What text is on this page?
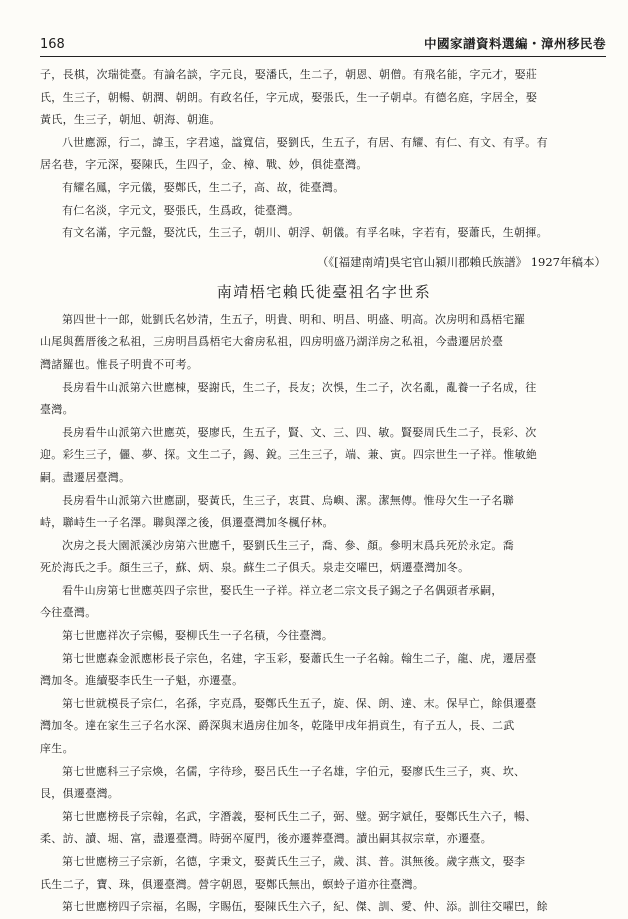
168	中國家譜資料選編・漳州移民卷

子，長棋，次瑞徙臺。有論名談，字元良，娶潘氏，生二子，朝恩、朝僧。有飛名能，字元才，娶莊

氏，生三子，朝暢、朝潤、朝朗。有政名任，字元成，娶張氏，生一子朝卓。有德名庭，字居全，娶

黃氏，生三子，朝旭、朝海、朝進。

八世應源，行二，諱玉，字君遠，諡寬信，娶劉氏，生五子，有居、有耀、有仁、有文、有孚。有

居名巷，字元深，娶陳氏，生四子，金、樟、戰、妙，俱徙臺灣。

有耀名鳳，字元儀，娶鄭氏，生二子，高、故，徙臺灣。

有仁名淡，字元文，娶張氏，生爲政，徙臺灣。

有文名滿，字元盤，娶沈氏，生三子，朝川、朝浮、朝儀。有孚名味，字若有，娶蕭氏，生朝揮。

（《[福建南靖]吳宅官山潁川郡賴氏族譜》 1927年稿本）
南靖梧宅賴氏徙臺祖名字世系

第四世十一郎，妣劉氏名妙清，生五子，明貴、明和、明昌、明盛、明高。次房明和爲梧宅羅

山尾與舊厝後之私祖，三房明昌爲梧宅大畲房私祖，四房明盛乃湖洋房之私祖，今盡遷居於臺

灣諸羅也。惟長子明貴不可考。

長房看牛山派第六世應棟，娶謝氏，生二子，長友；次悞，生二子，次名亂，亂養一子名成，往

臺灣。

長房看牛山派第六世應英，娶廖氏，生五子，賢、文、三、四、敏。賢娶周氏生二子，長彩、次

迎。彩生三子，儷、夢、探。文生二子，錫、銳。三生三子，端、兼、寅。四宗世生一子祥。惟敏絶

嗣。盡遷居臺灣。

長房看牛山派第六世應副，娶黃氏，生三子，衷貫、烏嶼、潔。潔無傳。惟母欠生一子名聯

峙，聯峙生一子名澤。聯與澤之後，俱遷臺灣加冬楓仔林。

次房之長大園派溪沙房第六世應千，娶劉氏生三子，喬、參、顏。參明末爲兵死於永定。喬

死於海氏之手。顏生三子，蘇、炳、泉。蘇生二子俱夭。泉走交嚁巴，炳遷臺灣加冬。

看牛山房第七世應英四子宗世，娶氏生一子祥。祥立老二宗文長子錫之子名偶頭者承嗣，

今往臺灣。

第七世應祥次子宗暢，娶柳氏生一子名積，今往臺灣。

第七世應森金派應彬長子宗色，名建，字玉彩，娶蕭氏生一子名翰。翰生二子，龍、虎，遷居臺

灣加冬。進續娶李氏生一子魁，亦遷臺。

第七世就模長子宗仁，名孫，字克爲，娶鄭氏生五子，旋、保、朗、達、末。保早亡，餘俱遷臺

灣加冬。達在家生三子名水深、爵深與末過房住加冬，乾隆甲戌年捐貢生，有子五人，長、二武

庠生。

第七世應科三子宗煥，名儒，字待珍，娶呂氏生一子名雄，字伯元，娶廖氏生三子，爽、坎、

艮，俱遷臺灣。

第七世應榜長子宗翰，名武，字潛義，娶柯氏生二子，弼、璧。弼字斌任，娶鄭氏生六子，暢、

柔、訪、讀、堀、富，盡遷臺灣。時弼卒厦門，後亦遷葬臺灣。讀出嗣其叔宗章，亦遷臺。

第七世應榜三子宗新，名德，字秉文，娶黃氏生三子，歲、淇、普。淇無後。歲字燕文，娶李

氏生二子，寶、珠，俱遷臺灣。營字朝恩，娶鄭氏無出，螟蛉子道亦往臺灣。

第七世應榜四子宗福，名賜，字賜伍，娶陳氏生六子，紀、傑、訓、愛、仲、添。訓往交嚁巴，餘
